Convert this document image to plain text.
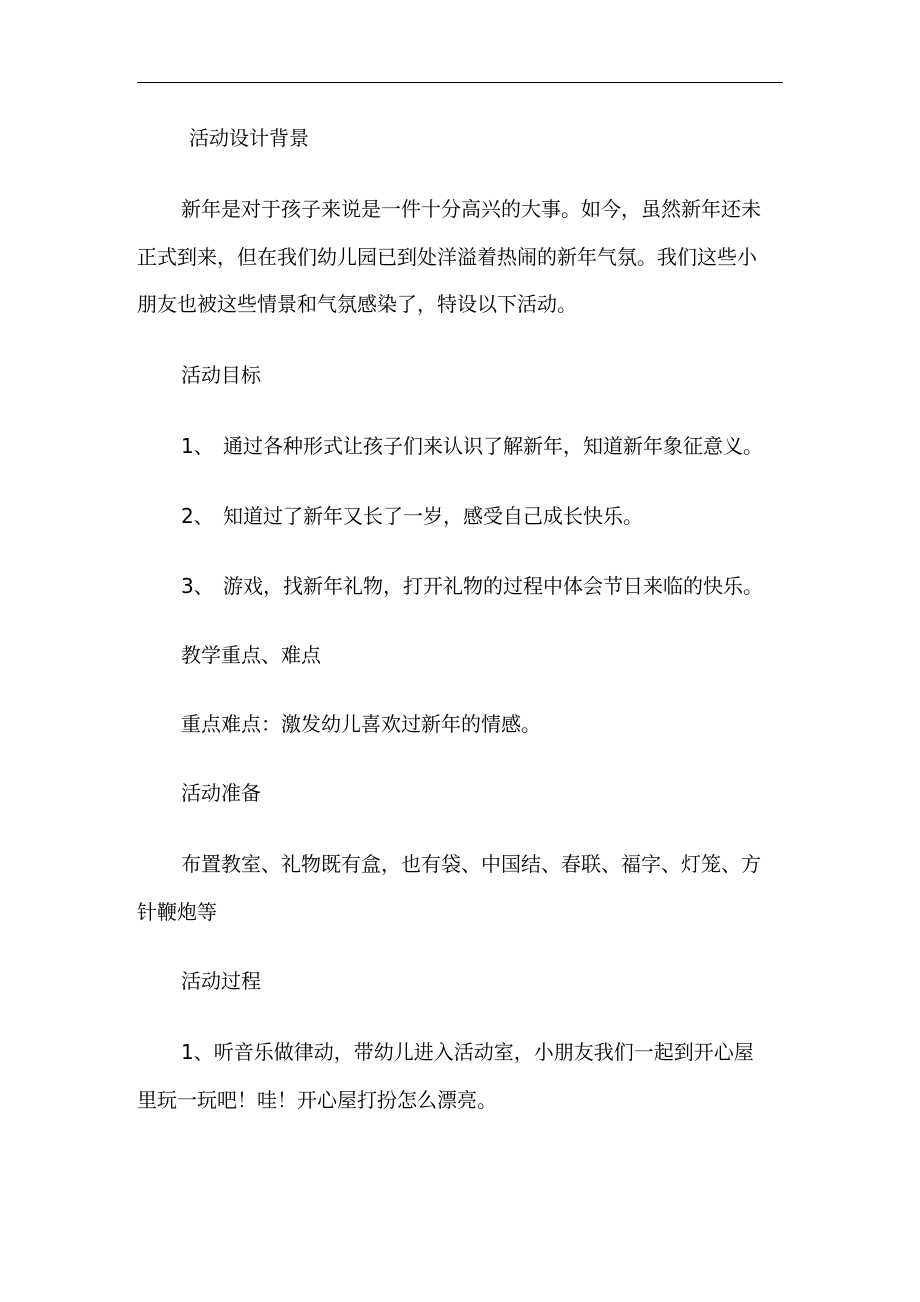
活动设计背景
新年是对于孩子来说是一件十分高兴的大事。如今，虽然新年还未
正式到来，但在我们幼儿园已到处洋溢着热闹的新年气氛。我们这些小
朋友也被这些情景和气氛感染了，特设以下活动。
活动目标
1、 通过各种形式让孩子们来认识了解新年，知道新年象征意义。
2、 知道过了新年又长了一岁，感受自己成长快乐。
3、 游戏，找新年礼物，打开礼物的过程中体会节日来临的快乐。
教学重点、难点
重点难点：激发幼儿喜欢过新年的情感。
活动准备
布置教室、礼物既有盒，也有袋、中国结、春联、福字、灯笼、方
针鞭炮等
活动过程
1、听音乐做律动，带幼儿进入活动室，小朋友我们一起到开心屋
里玩一玩吧！哇！开心屋打扮怎么漂亮。
